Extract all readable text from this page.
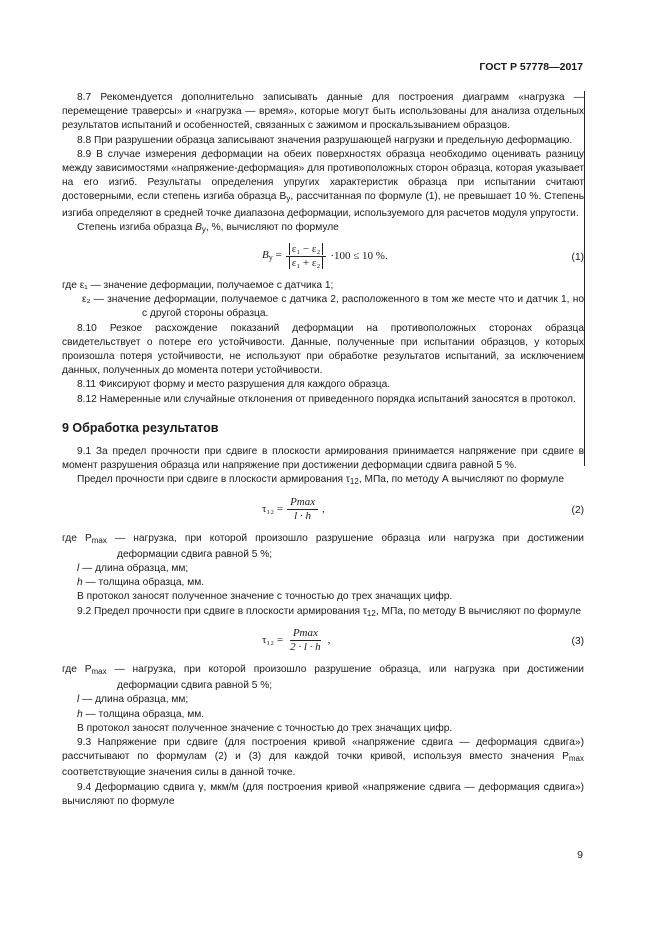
ГОСТ Р 57778—2017

8.7 Рекомендуется дополнительно записывать данные для построения диаграмм «нагрузка — перемещение траверсы» и «нагрузка — время», которые могут быть использованы для анализа отдельных результатов испытаний и особенностей, связанных с зажимом и проскальзыванием образцов.

8.8 При разрушении образца записывают значения разрушающей нагрузки и предельную деформацию.

8.9 В случае измерения деформации на обеих поверхностях образца необходимо оценивать разницу между зависимостями «напряжение-деформация» для противоположных сторон образца, которая указывает на его изгиб. Результаты определения упругих характеристик образца при испытании считают достоверными, если степень изгиба образца $B_y$, рассчитанная по формуле (1), не превышает 10 %. Степень изгиба определяют в средней точке диапазона деформации, используемого для расчетов модуля упругости.

Степень изгиба образца $B_y$, %, вычисляют по формуле

$B_y = \frac{\text{ε₁ − ε₂}}{\text{ε₁ + ε₂}} \cdot 100 \le 10$ %.	(1)

где ε₁ — значение деформации, получаемое с датчика 1;

ε₂ — значение деформации, получаемое с датчика 2, расположенного в том же месте что и датчик 1, но с другой стороны образца.

8.10 Резкое расхождение показаний деформации на противоположных сторонах образца свидетельствует о потере его устойчивости. Данные, полученные при испытании образцов, у которых произошла потеря устойчивости, не используют при обработке результатов испытаний, за исключением данных, полученных до момента потери устойчивости.

8.11 Фиксируют форму и место разрушения для каждого образца.

8.12 Намеренные или случайные отклонения от приведенного порядка испытаний заносятся в протокол.

9 Обработка результатов

9.1 За предел прочности при сдвиге в плоскости армирования принимается напряжение при сдвиге в момент разрушения образца или напряжение при достижении деформации сдвига равной 5 %.

Предел прочности при сдвиге в плоскости армирования $\tau_{12}$, МПа, по методу А вычисляют по формуле

$\tau_{12} = \frac{Pmax}{l \cdot h}$ ,	(2)

где $P_{max}$ — нагрузка, при которой произошло разрушение образца или нагрузка при достижении деформации сдвига равной 5 %;

l — длина образца, мм;

h — толщина образца, мм.

В протокол заносят полученное значение с точностью до трех значащих цифр.

9.2 Предел прочности при сдвиге в плоскости армирования $\tau_{12}$, МПа, по методу В вычисляют по формуле

$\tau_{12} = \frac{Pmax}{2 \cdot l \cdot h}$ ,	(3)

где $P_{max}$ — нагрузка, при которой произошло разрушение образца, или нагрузка при достижении деформации сдвига равной 5 %;

l — длина образца, мм;

h — толщина образца, мм.

В протокол заносят полученное значение с точностью до трех значащих цифр.

9.3 Напряжение при сдвиге (для построения кривой «напряжение сдвига — деформация сдвига») рассчитывают по формулам (2) и (3) для каждой точки кривой, используя вместо значения $P_{max}$ соответствующие значения силы в данной точке.

9.4 Деформацию сдвига γ, мкм/м (для построения кривой «напряжение сдвига — деформация сдвига») вычисляют по формуле

9
